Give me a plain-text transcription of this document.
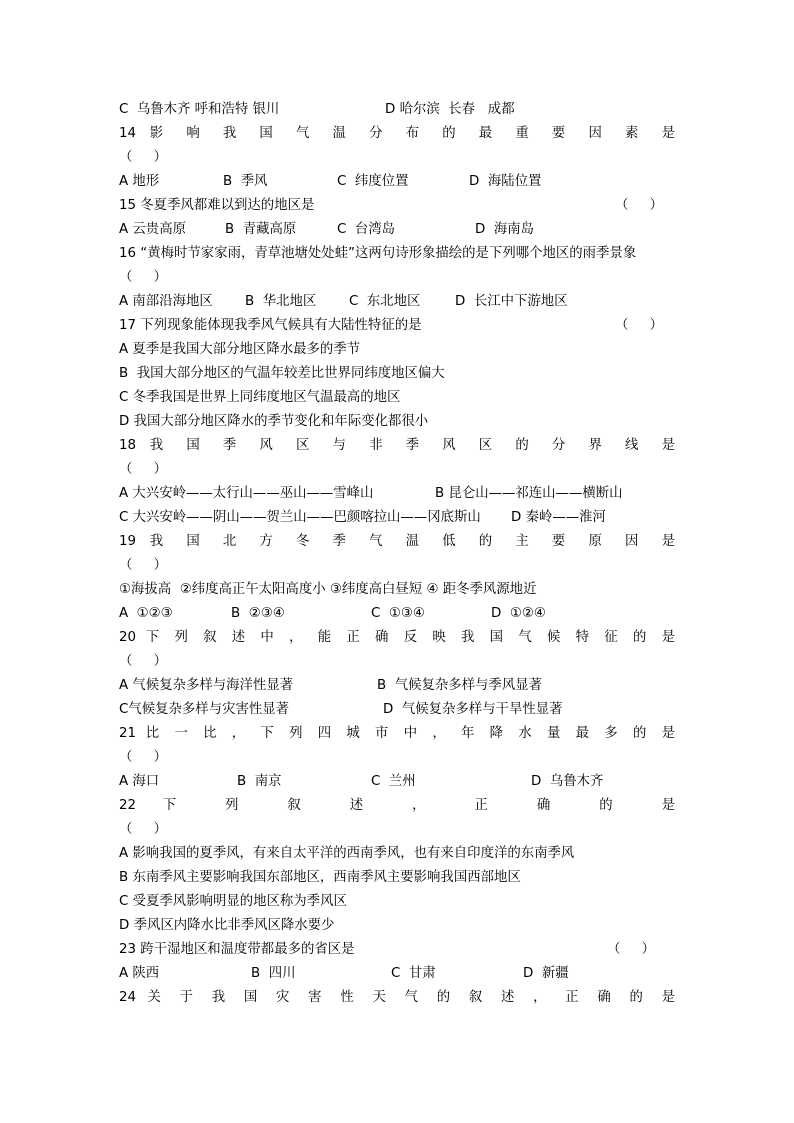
C  乌鲁木齐 呼和浩特 银川

	D 哈尔滨  长春   成都

14 影 响 我 国 气 温 分 布 的 最 重 要 因 素 是
（     ）

A 地形

	B  季风

	C  纬度位置

	D  海陆位置

15 冬夏季风都难以到达的地区是

	（     ）

A 云贵高原

	B  青藏高原

	C  台湾岛

	D  海南岛

16 “黄梅时节家家雨，青草池塘处处蛙”这两句诗形象描绘的是下列哪个地区的雨季景象
（     ）

A 南部沿海地区

B  华北地区

C  东北地区

	D  长江中下游地区

17 下列现象能体现我季风气候具有大陆性特征的是

	（     ）

A 夏季是我国大部分地区降水最多的季节
B  我国大部分地区的气温年较差比世界同纬度地区偏大
C 冬季我国是世界上同纬度地区气温最高的地区
D 我国大部分地区降水的季节变化和年际变化都很小
18 我 国 季 风 区 与 非 季 风 区 的 分 界 线 是
（     ）

A 大兴安岭——太行山——巫山——雪峰山

	B 昆仑山——祁连山——横断山

C 大兴安岭——阴山——贺兰山——巴颜喀拉山——冈底斯山

D 秦岭——淮河

19 我 国 北 方 冬 季 气 温 低 的 主 要 原 因 是
（     ）
①海拔高  ②纬度高正午太阳高度小 ③纬度高白昼短 ④ 距冬季风源地近

A  ①②③

	B  ②③④

	C  ①③④

	D  ①②④

20 下 列 叙 述 中 ， 能 正 确 反 映 我 国 气 候 特 征 的 是
（     ）

A 气候复杂多样与海洋性显著

	B  气候复杂多样与季风显著

C气候复杂多样与灾害性显著

	D  气候复杂多样与干旱性显著

21 比 一 比 ， 下 列 四 城 市 中 ， 年 降 水 量 最 多 的 是
（     ）

A 海口

	B  南京

	C  兰州

	D  乌鲁木齐

22 下 列 叙 述 ， 正 确 的 是
（     ）
A 影响我国的夏季风，有来自太平洋的西南季风，也有来自印度洋的东南季风
B 东南季风主要影响我国东部地区，西南季风主要影响我国西部地区
C 受夏季风影响明显的地区称为季风区
D 季风区内降水比非季风区降水要少

23 跨干湿地区和温度带都最多的省区是

	（     ）

A 陕西

	B  四川

	C  甘肃

	D  新疆

24 关 于 我 国 灾 害 性 天 气 的 叙 述 ， 正 确 的 是
